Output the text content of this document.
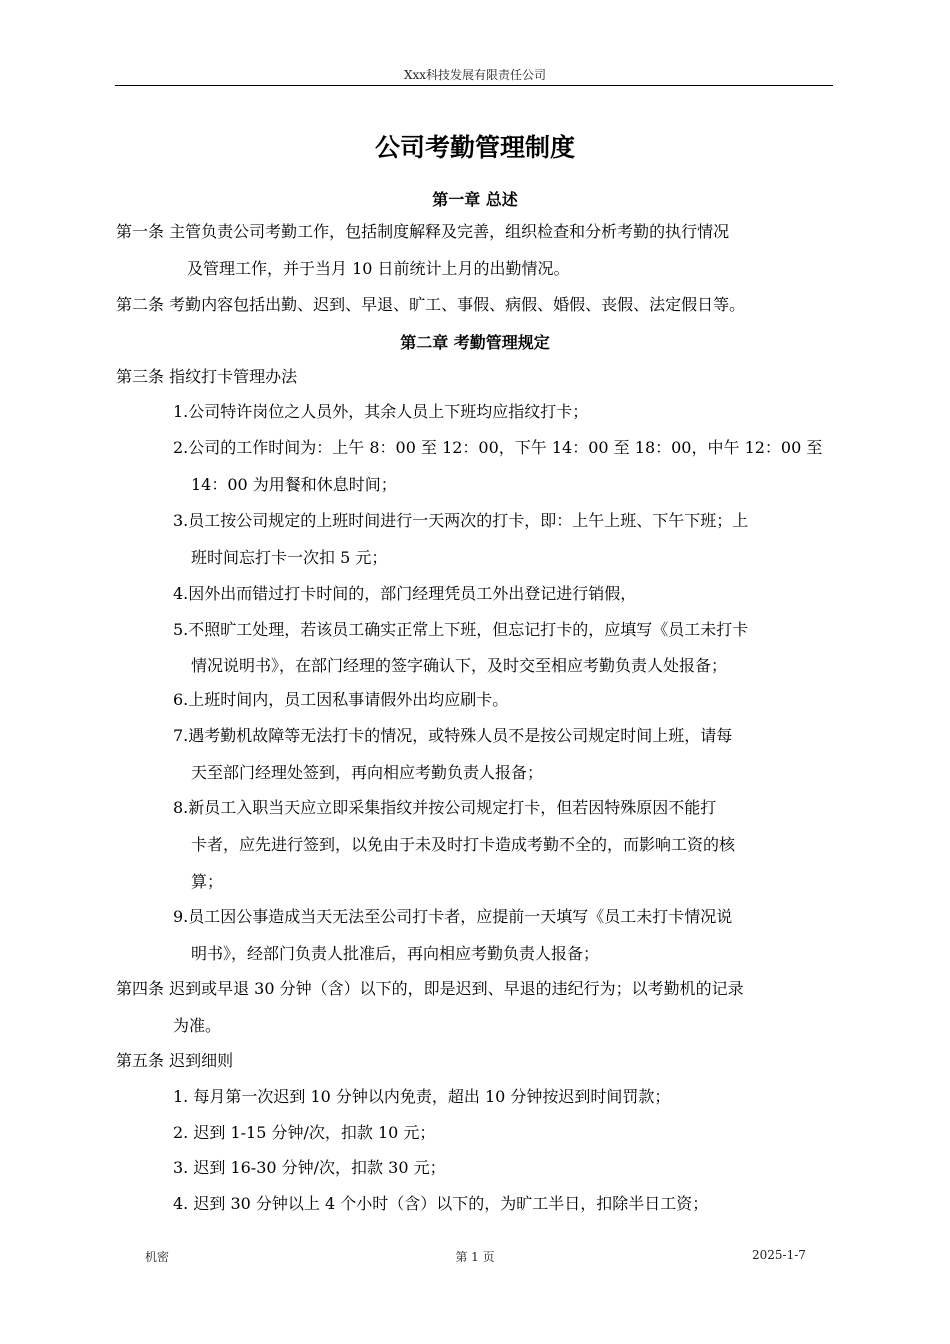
Xxx科技发展有限责任公司
公司考勤管理制度
第一章 总述
第一条 主管负责公司考勤工作，包括制度解释及完善，组织检查和分析考勤的执行情况
及管理工作，并于当月 10 日前统计上月的出勤情况。
第二条 考勤内容包括出勤、迟到、早退、旷工、事假、病假、婚假、丧假、法定假日等。
第二章 考勤管理规定
第三条 指纹打卡管理办法
1.公司特许岗位之人员外，其余人员上下班均应指纹打卡；
2.公司的工作时间为：上午 8：00 至 12：00，下午 14：00 至 18：00，中午 12：00 至
14：00 为用餐和休息时间；
3.员工按公司规定的上班时间进行一天两次的打卡，即：上午上班、下午下班；上
班时间忘打卡一次扣 5 元；
4.因外出而错过打卡时间的，部门经理凭员工外出登记进行销假，
5.不照旷工处理，若该员工确实正常上下班，但忘记打卡的，应填写《员工未打卡
情况说明书》，在部门经理的签字确认下，及时交至相应考勤负责人处报备；
6.上班时间内，员工因私事请假外出均应刷卡。
7.遇考勤机故障等无法打卡的情况，或特殊人员不是按公司规定时间上班，请每
天至部门经理处签到，再向相应考勤负责人报备；
8.新员工入职当天应立即采集指纹并按公司规定打卡，但若因特殊原因不能打
卡者，应先进行签到，以免由于未及时打卡造成考勤不全的，而影响工资的核
算；
9.员工因公事造成当天无法至公司打卡者，应提前一天填写《员工未打卡情况说
明书》，经部门负责人批准后，再向相应考勤负责人报备；
第四条 迟到或早退 30 分钟（含）以下的，即是迟到、早退的违纪行为；以考勤机的记录
为准。
第五条 迟到细则
1. 每月第一次迟到 10 分钟以内免责，超出 10 分钟按迟到时间罚款；
2. 迟到 1-15 分钟/次，扣款 10 元；
3. 迟到 16-30 分钟/次，扣款 30 元；
4. 迟到 30 分钟以上 4 个小时（含）以下的，为旷工半日，扣除半日工资；
机密	第 1 页	2025-1-7
